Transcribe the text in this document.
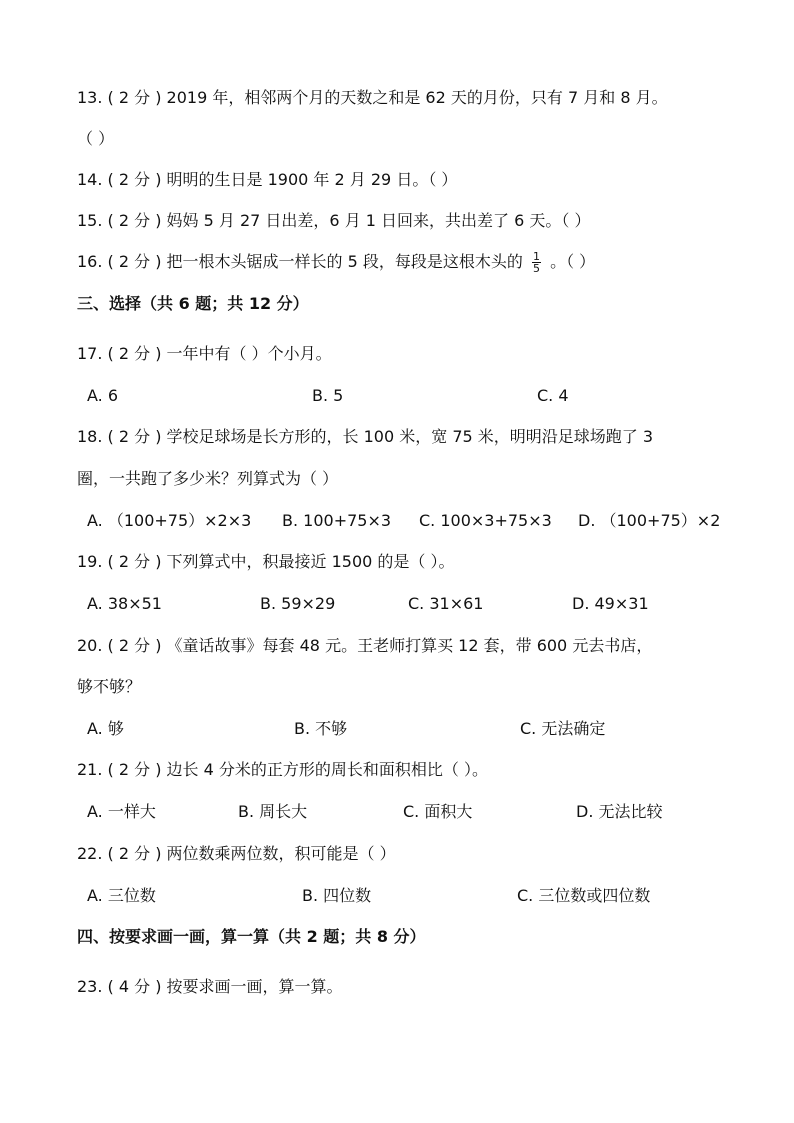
13. ( 2 分 ) 2019 年，相邻两个月的天数之和是 62 天的月份，只有 7 月和 8 月。
（ ）
14. ( 2 分 ) 明明的生日是 1900 年 2 月 29 日。（ ）
15. ( 2 分 ) 妈妈 5 月 27 日出差，6 月 1 日回来，共出差了 6 天。（ ）
16. ( 2 分 ) 把一根木头锯成一样长的 5 段，每段是这根木头的 $\frac{1}{5}$ 。（ ）
三、选择（共 6 题；共 12 分）
17. ( 2 分 ) 一年中有（ ）个小月。
A. 6	B. 5	C. 4
18. ( 2 分 ) 学校足球场是长方形的，长 100 米，宽 75 米，明明沿足球场跑了 3
圈，一共跑了多少米？列算式为（ ）
A. （100+75）×2×3 B. 100+75×3 C. 100×3+75×3 D. （100+75）×2
19. ( 2 分 ) 下列算式中，积最接近 1500 的是（ ）。
A. 38×51	B. 59×29	C. 31×61	D. 49×31
20. ( 2 分 ) 《童话故事》每套 48 元。王老师打算买 12 套，带 600 元去书店，
够不够？
A. 够	B. 不够	C. 无法确定
21. ( 2 分 ) 边长 4 分米的正方形的周长和面积相比（ ）。
A. 一样大	B. 周长大	C. 面积大	D. 无法比较
22. ( 2 分 ) 两位数乘两位数，积可能是（ ）
A. 三位数	B. 四位数	C. 三位数或四位数
四、按要求画一画，算一算（共 2 题；共 8 分）
23. ( 4 分 ) 按要求画一画，算一算。
